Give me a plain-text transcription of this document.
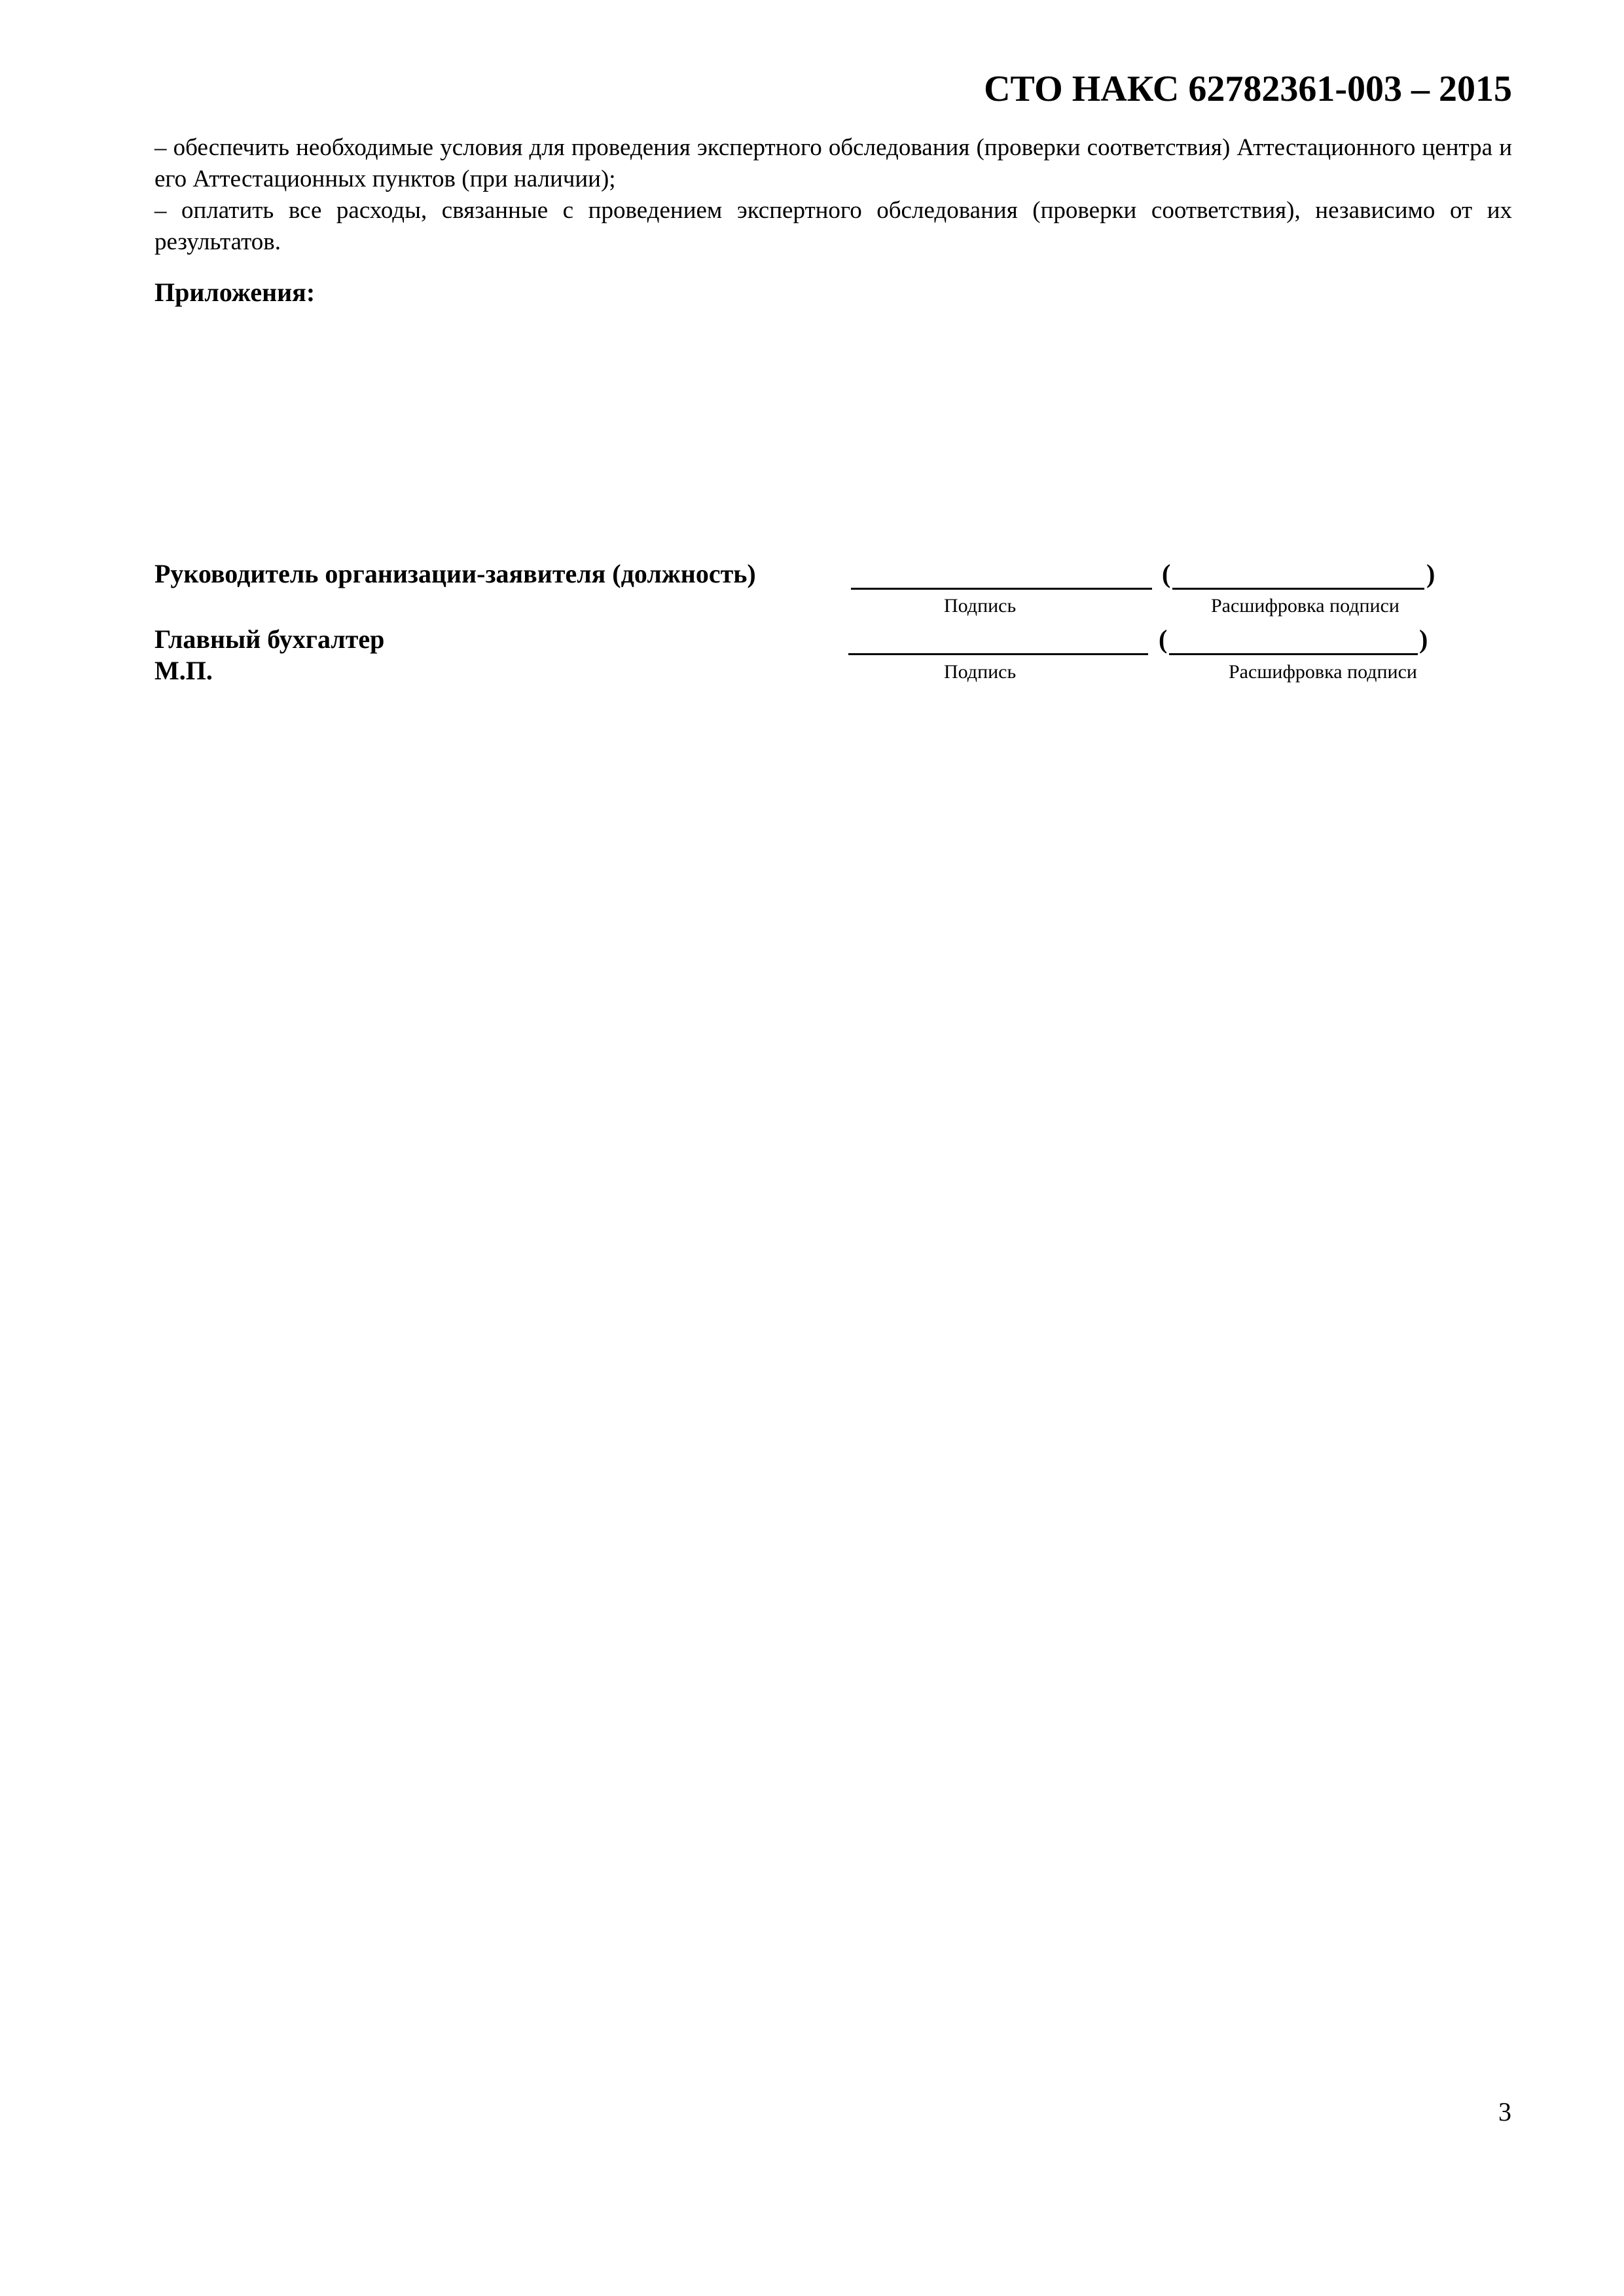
СТО НАКС 62782361-003 – 2015

– обеспечить необходимые условия для проведения экспертного обследования (проверки соответствия) Аттестационного центра и его Аттестационных пунктов (при наличии);

– оплатить все расходы, связанные с проведением экспертного обследования (проверки соответствия), независимо от их результатов.

Приложения:
Руководитель организации-заявителя (должность)	(	)
Подпись	Расшифровка подписи
Главный бухгалтер	(	)
М.П.	Подпись	Расшифровка подписи
3
